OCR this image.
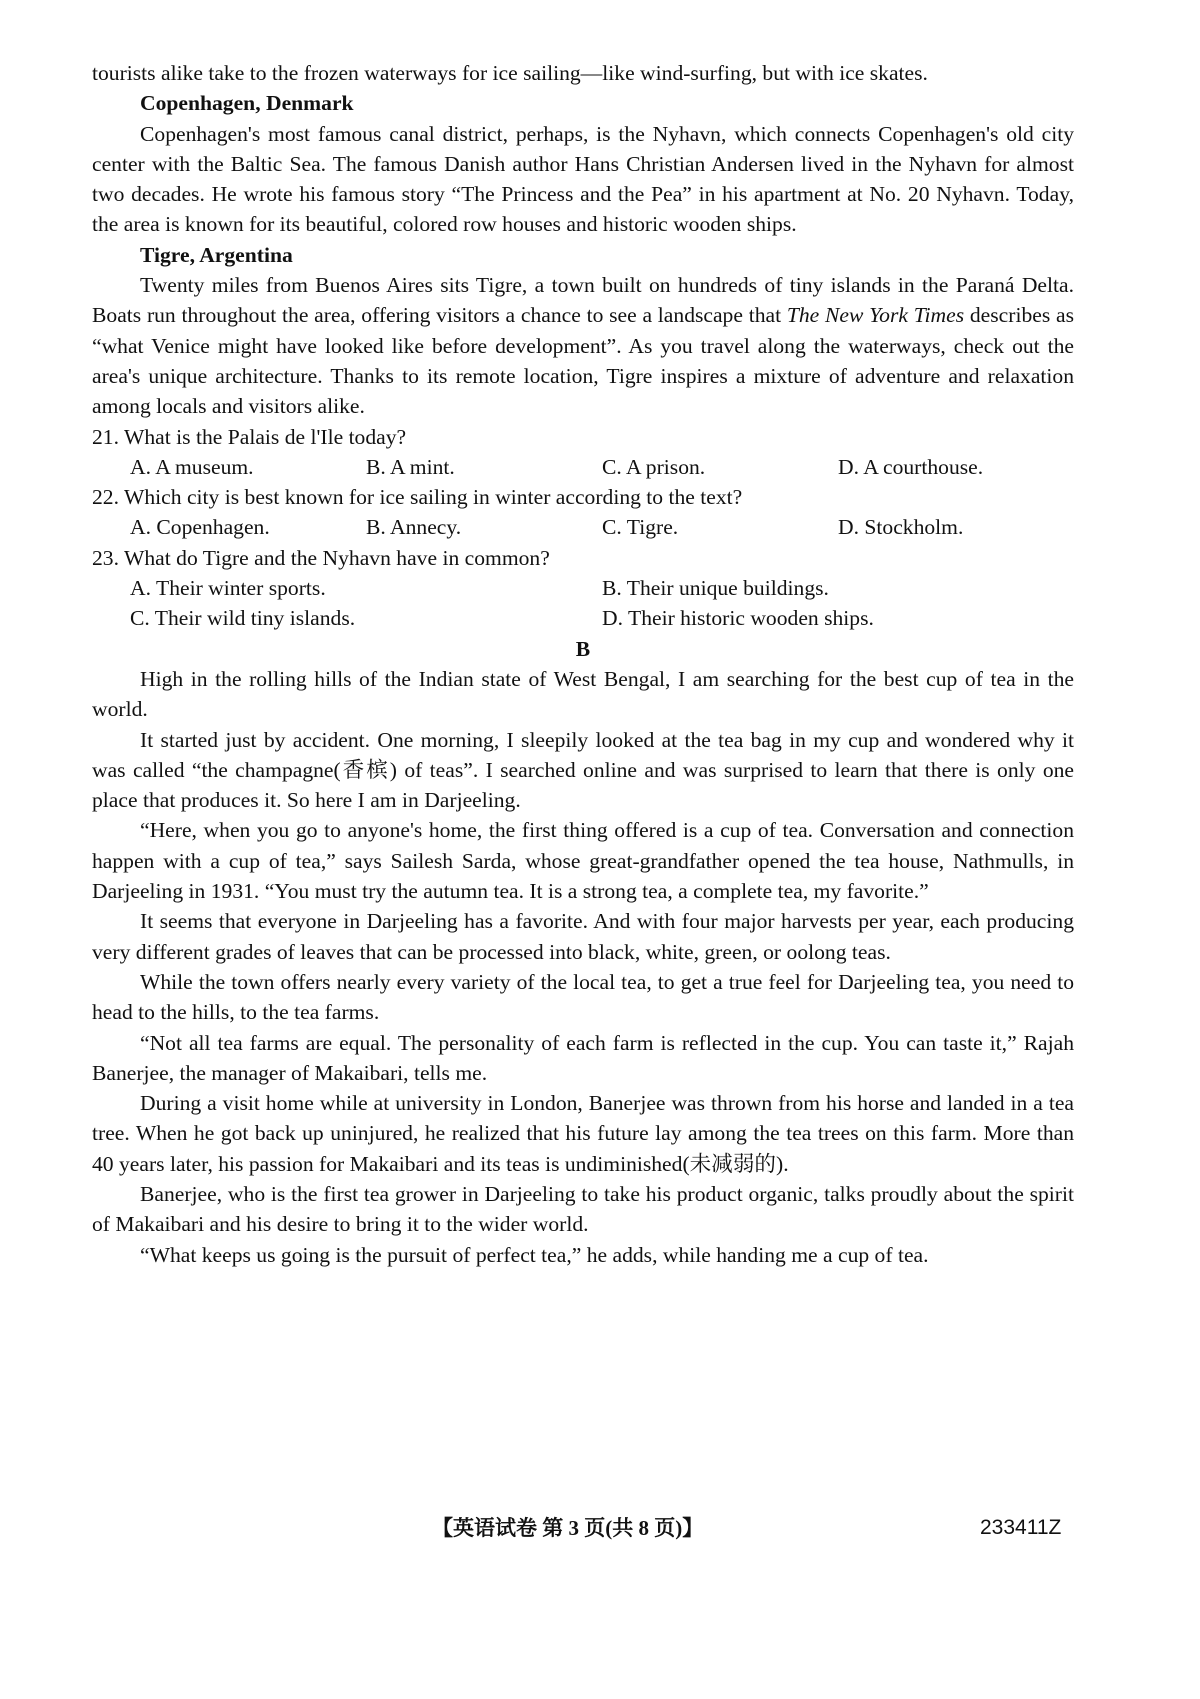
tourists alike take to the frozen waterways for ice sailing—like wind-surfing, but with ice skates.

Copenhagen, Denmark

Copenhagen's most famous canal district, perhaps, is the Nyhavn, which connects Copenhagen's old city center with the Baltic Sea. The famous Danish author Hans Christian Andersen lived in the Nyhavn for almost two decades. He wrote his famous story “The Princess and the Pea” in his apartment at No. 20 Nyhavn. Today, the area is known for its beautiful, colored row houses and historic wooden ships.

Tigre, Argentina

Twenty miles from Buenos Aires sits Tigre, a town built on hundreds of tiny islands in the Paraná Delta. Boats run throughout the area, offering visitors a chance to see a landscape that The New York Times describes as “what Venice might have looked like before development”. As you travel along the waterways, check out the area's unique architecture. Thanks to its remote location, Tigre inspires a mixture of adventure and relaxation among locals and visitors alike.

21. What is the Palais de l'Ile today?
A. A museum.	B. A mint.	C. A prison.	D. A courthouse.
22. Which city is best known for ice sailing in winter according to the text?
A. Copenhagen.	B. Annecy.	C. Tigre.	D. Stockholm.
23. What do Tigre and the Nyhavn have in common?
A. Their winter sports.	B. Their unique buildings.
C. Their wild tiny islands.	D. Their historic wooden ships.
B

High in the rolling hills of the Indian state of West Bengal, I am searching for the best cup of tea in the world.

It started just by accident. One morning, I sleepily looked at the tea bag in my cup and wondered why it was called “the champagne(香槟) of teas”. I searched online and was surprised to learn that there is only one place that produces it. So here I am in Darjeeling.

“Here, when you go to anyone's home, the first thing offered is a cup of tea. Conversation and connection happen with a cup of tea,” says Sailesh Sarda, whose great-grandfather opened the tea house, Nathmulls, in Darjeeling in 1931. “You must try the autumn tea. It is a strong tea, a complete tea, my favorite.”

It seems that everyone in Darjeeling has a favorite. And with four major harvests per year, each producing very different grades of leaves that can be processed into black, white, green, or oolong teas.

While the town offers nearly every variety of the local tea, to get a true feel for Darjeeling tea, you need to head to the hills, to the tea farms.

“Not all tea farms are equal. The personality of each farm is reflected in the cup. You can taste it,” Rajah Banerjee, the manager of Makaibari, tells me.

During a visit home while at university in London, Banerjee was thrown from his horse and landed in a tea tree. When he got back up uninjured, he realized that his future lay among the tea trees on this farm. More than 40 years later, his passion for Makaibari and its teas is undiminished(未减弱的).

Banerjee, who is the first tea grower in Darjeeling to take his product organic, talks proudly about the spirit of Makaibari and his desire to bring it to the wider world.

“What keeps us going is the pursuit of perfect tea,” he adds, while handing me a cup of tea.

【英语试卷 第 3 页(共 8 页)】	233411Z
